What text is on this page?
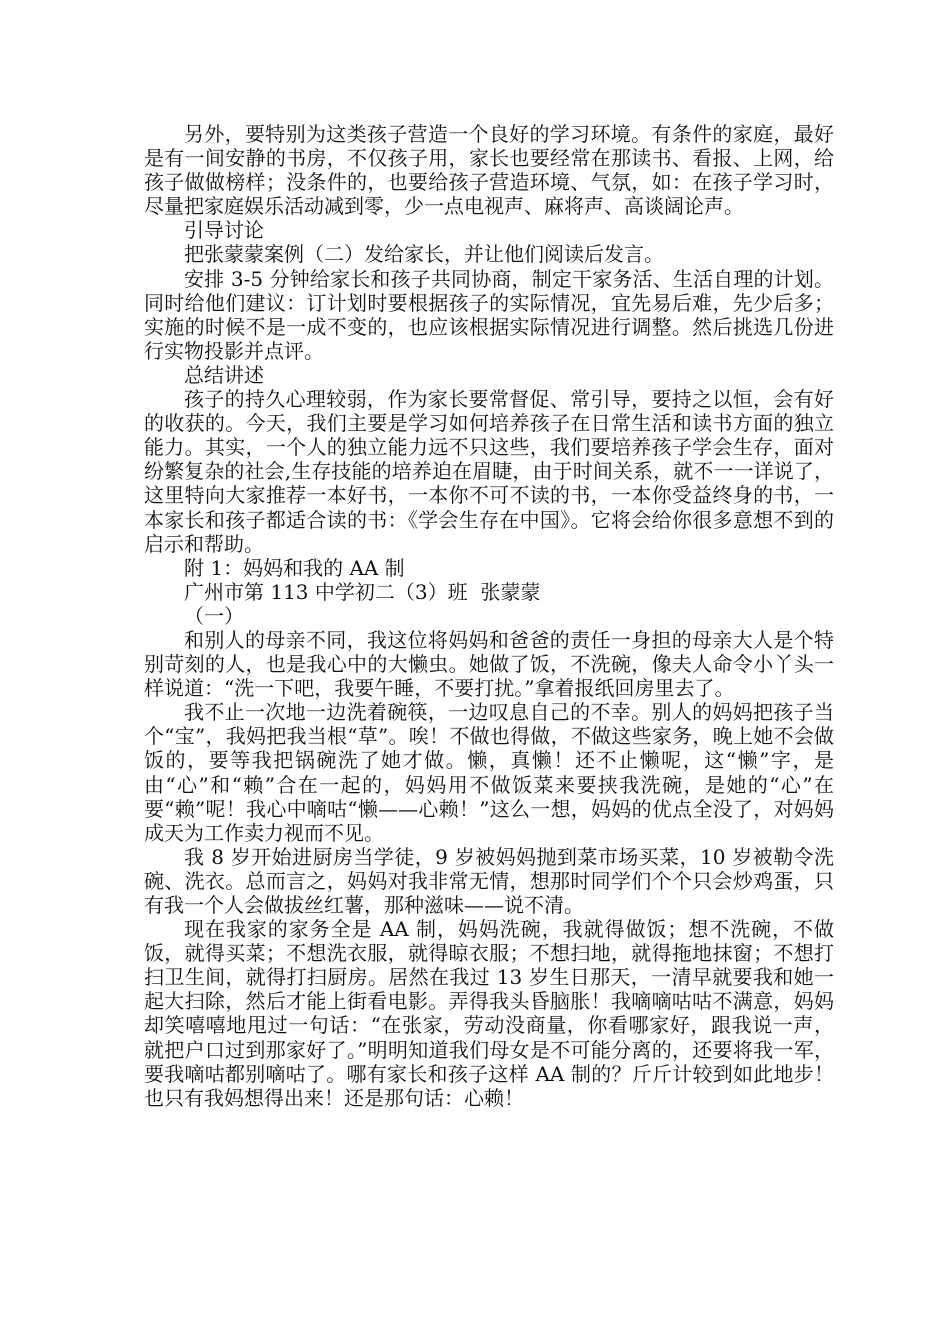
另外，要特别为这类孩子营造一个良好的学习环境。有条件的家庭，最好是有一间安静的书房，不仅孩子用，家长也要经常在那读书、看报、上网，给孩子做做榜样；没条件的，也要给孩子营造环境、气氛，如：在孩子学习时，尽量把家庭娱乐活动减到零，少一点电视声、麻将声、高谈阔论声。

引导讨论

把张蒙蒙案例（二）发给家长，并让他们阅读后发言。

安排 3-5 分钟给家长和孩子共同协商，制定干家务活、生活自理的计划。同时给他们建议：订计划时要根据孩子的实际情况，宜先易后难，先少后多；实施的时候不是一成不变的，也应该根据实际情况进行调整。然后挑选几份进行实物投影并点评。

总结讲述

孩子的持久心理较弱，作为家长要常督促、常引导，要持之以恒，会有好的收获的。今天，我们主要是学习如何培养孩子在日常生活和读书方面的独立能力。其实，一个人的独立能力远不只这些，我们要培养孩子学会生存，面对纷繁复杂的社会,生存技能的培养迫在眉睫，由于时间关系，就不一一详说了，这里特向大家推荐一本好书，一本你不可不读的书，一本你受益终身的书，一本家长和孩子都适合读的书：《学会生存在中国》。它将会给你很多意想不到的启示和帮助。

附 1：妈妈和我的 AA 制

广州市第 113 中学初二（3）班  张蒙蒙

（一）

和别人的母亲不同，我这位将妈妈和爸爸的责任一身担的母亲大人是个特别苛刻的人，也是我心中的大懒虫。她做了饭，不洗碗，像夫人命令小丫头一样说道：“洗一下吧，我要午睡，不要打扰。”拿着报纸回房里去了。

我不止一次地一边洗着碗筷，一边叹息自己的不幸。别人的妈妈把孩子当个“宝”，我妈把我当根“草”。唉！不做也得做，不做这些家务，晚上她不会做饭的，要等我把锅碗洗了她才做。懒，真懒！还不止懒呢，这“懒”字，是由“心”和“赖”合在一起的，妈妈用不做饭菜来要挟我洗碗，是她的“心”在要“赖”呢！我心中嘀咕“懒——心赖！”这么一想，妈妈的优点全没了，对妈妈成天为工作卖力视而不见。

我 8 岁开始进厨房当学徒，9 岁被妈妈抛到菜市场买菜，10 岁被勒令洗碗、洗衣。总而言之，妈妈对我非常无情，想那时同学们个个只会炒鸡蛋，只有我一个人会做拔丝红薯，那种滋味——说不清。

现在我家的家务全是 AA 制，妈妈洗碗，我就得做饭；想不洗碗，不做饭，就得买菜；不想洗衣服，就得晾衣服；不想扫地，就得拖地抹窗；不想打扫卫生间，就得打扫厨房。居然在我过 13 岁生日那天，一清早就要我和她一起大扫除，然后才能上街看电影。弄得我头昏脑胀！我嘀嘀咕咕不满意，妈妈却笑嘻嘻地甩过一句话：“在张家，劳动没商量，你看哪家好，跟我说一声，就把户口过到那家好了。”明明知道我们母女是不可能分离的，还要将我一军，要我嘀咕都别嘀咕了。哪有家长和孩子这样 AA 制的？斤斤计较到如此地步！也只有我妈想得出来！还是那句话：心赖！
